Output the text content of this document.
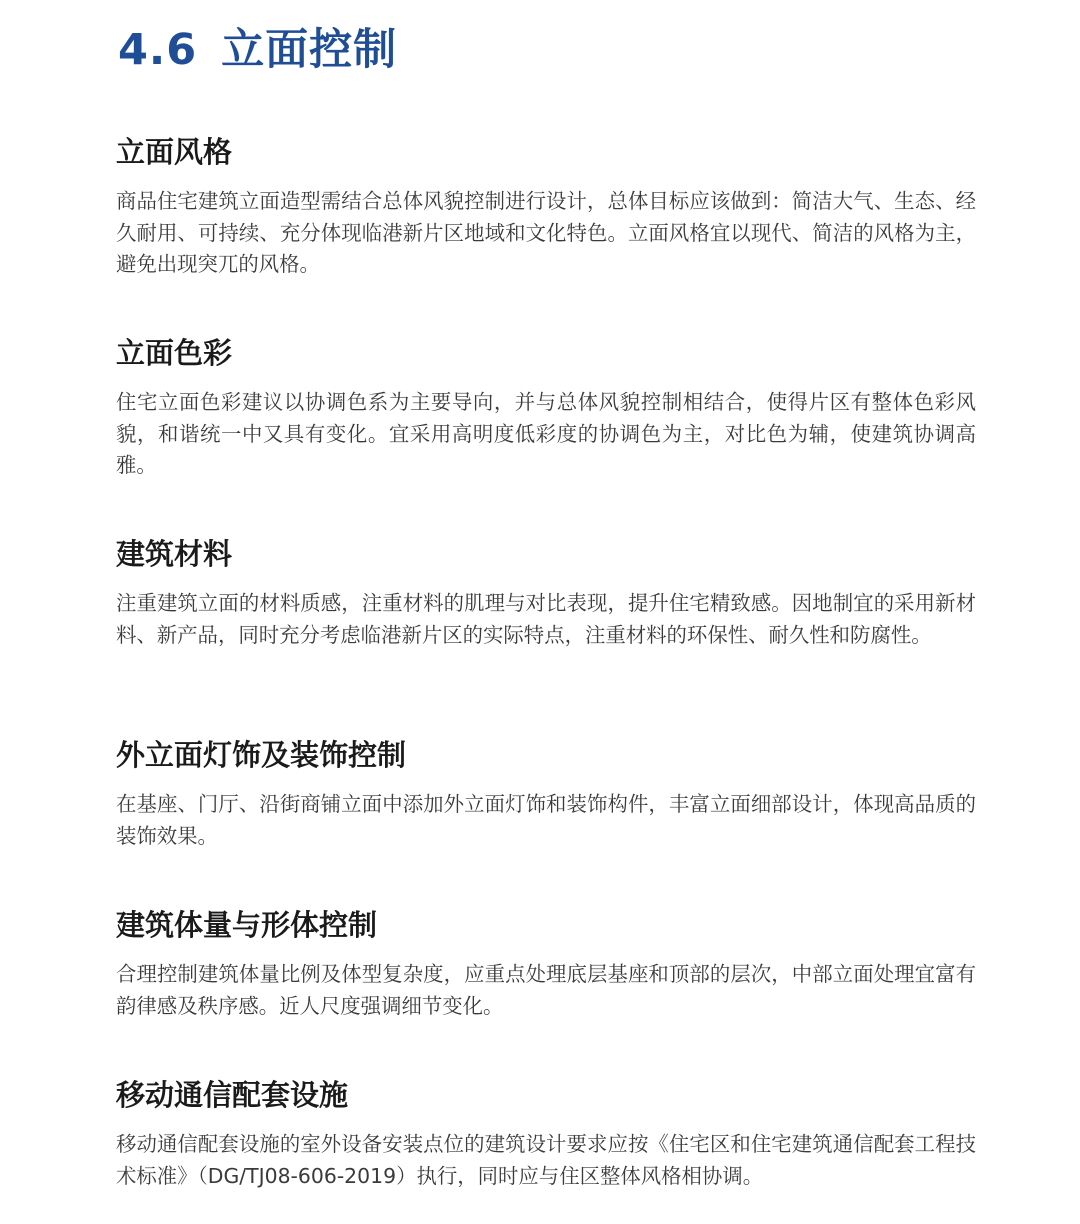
4.6 立面控制
立面风格

商品住宅建筑立面造型需结合总体风貌控制进行设计，总体目标应该做到：简洁大气、生态、经久耐用、可持续、充分体现临港新片区地域和文化特色。立面风格宜以现代、简洁的风格为主，避免出现突兀的风格。

立面色彩

住宅立面色彩建议以协调色系为主要导向，并与总体风貌控制相结合，使得片区有整体色彩风貌，和谐统一中又具有变化。宜采用高明度低彩度的协调色为主，对比色为辅，使建筑协调高雅。

建筑材料

注重建筑立面的材料质感，注重材料的肌理与对比表现，提升住宅精致感。因地制宜的采用新材料、新产品，同时充分考虑临港新片区的实际特点，注重材料的环保性、耐久性和防腐性。

外立面灯饰及装饰控制

在基座、门厅、沿街商铺立面中添加外立面灯饰和装饰构件，丰富立面细部设计，体现高品质的装饰效果。

建筑体量与形体控制

合理控制建筑体量比例及体型复杂度，应重点处理底层基座和顶部的层次，中部立面处理宜富有韵律感及秩序感。近人尺度强调细节变化。

移动通信配套设施

移动通信配套设施的室外设备安装点位的建筑设计要求应按《住宅区和住宅建筑通信配套工程技术标准》（DG/TJ08-606-2019）执行，同时应与住区整体风格相协调。
